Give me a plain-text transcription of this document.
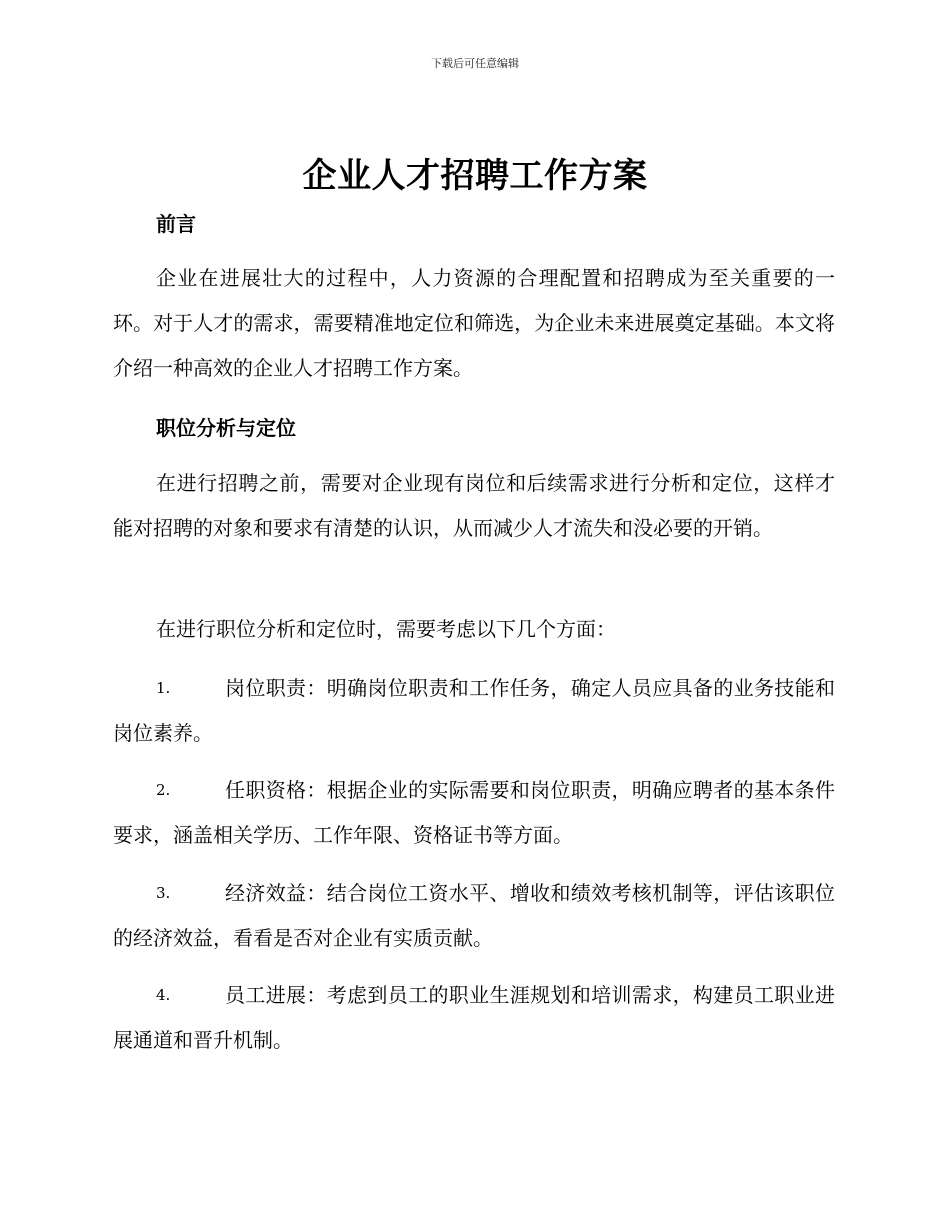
下载后可任意编辑
企业人才招聘工作方案
前言
企业在进展壮大的过程中，人力资源的合理配置和招聘成为至关重要的一环。对于人才的需求，需要精准地定位和筛选，为企业未来进展奠定基础。本文将介绍一种高效的企业人才招聘工作方案。
职位分析与定位
在进行招聘之前，需要对企业现有岗位和后续需求进行分析和定位，这样才能对招聘的对象和要求有清楚的认识，从而减少人才流失和没必要的开销。
在进行职位分析和定位时，需要考虑以下几个方面：
1.	岗位职责：明确岗位职责和工作任务，确定人员应具备的业务技能和岗位素养。
2.	任职资格：根据企业的实际需要和岗位职责，明确应聘者的基本条件要求，涵盖相关学历、工作年限、资格证书等方面。
3.	经济效益：结合岗位工资水平、增收和绩效考核机制等，评估该职位的经济效益，看看是否对企业有实质贡献。
4.	员工进展：考虑到员工的职业生涯规划和培训需求，构建员工职业进展通道和晋升机制。
